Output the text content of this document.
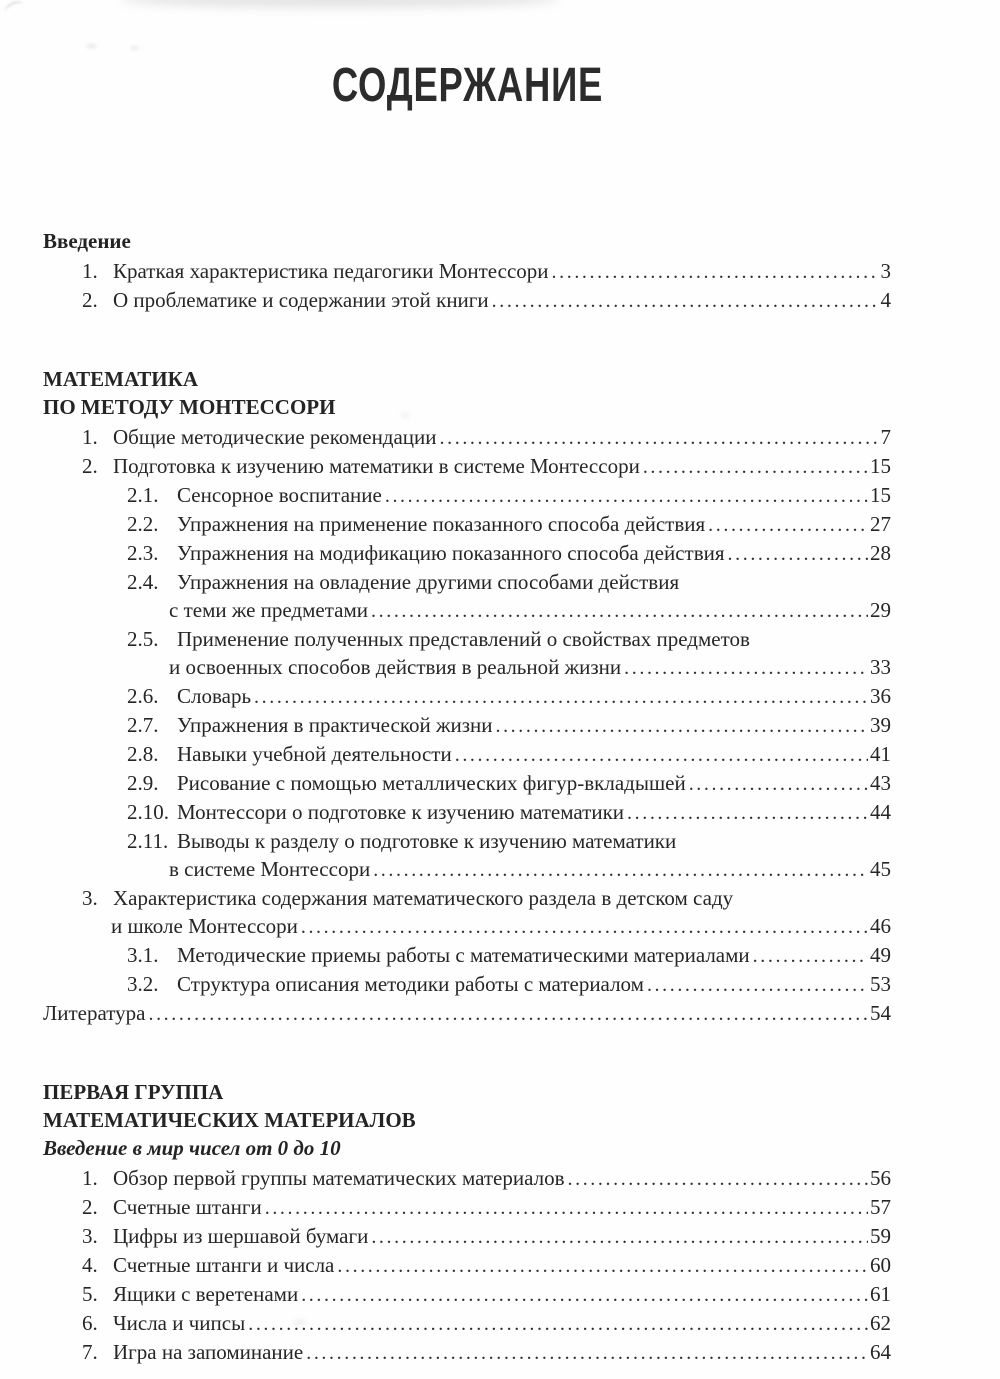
СОДЕРЖАНИЕ
Введение
1. Краткая характеристика педагогики Монтессори .....	3
2. О проблематике и содержании этой книги .....	4
МАТЕМАТИКА
ПО МЕТОДУ МОНТЕССОРИ
1. Общие методические рекомендации .....	7
2. Подготовка к изучению математики в системе Монтессори .....	15
2.1. Сенсорное воспитание .....	15
2.2. Упражнения на применение показанного способа действия .....	27
2.3. Упражнения на модификацию показанного способа действия .....	28
2.4. Упражнения на овладение другими способами действия
с теми же предметами .....	29
2.5. Применение полученных представлений о свойствах предметов
и освоенных способов действия в реальной жизни .....	33
2.6. Словарь .....	36
2.7. Упражнения в практической жизни .....	39
2.8. Навыки учебной деятельности .....	41
2.9. Рисование с помощью металлических фигур-вкладышей .....	43
2.10. Монтессори о подготовке к изучению математики .....	44
2.11. Выводы к разделу о подготовке к изучению математики
в системе Монтессори .....	45
3. Характеристика содержания математического раздела в детском саду
и школе Монтессори .....	46
3.1. Методические приемы работы с математическими материалами .....	49
3.2. Структура описания методики работы с материалом .....	53
Литература .....	54
ПЕРВАЯ ГРУППА
МАТЕМАТИЧЕСКИХ МАТЕРИАЛОВ
Введение в мир чисел от 0 до 10
1. Обзор первой группы математических материалов .....	56
2. Счетные штанги .....	57
3. Цифры из шершавой бумаги .....	59
4. Счетные штанги и числа .....	60
5. Ящики с веретенами .....	61
6. Числа и чипсы .....	62
7. Игра на запоминание .....	64
